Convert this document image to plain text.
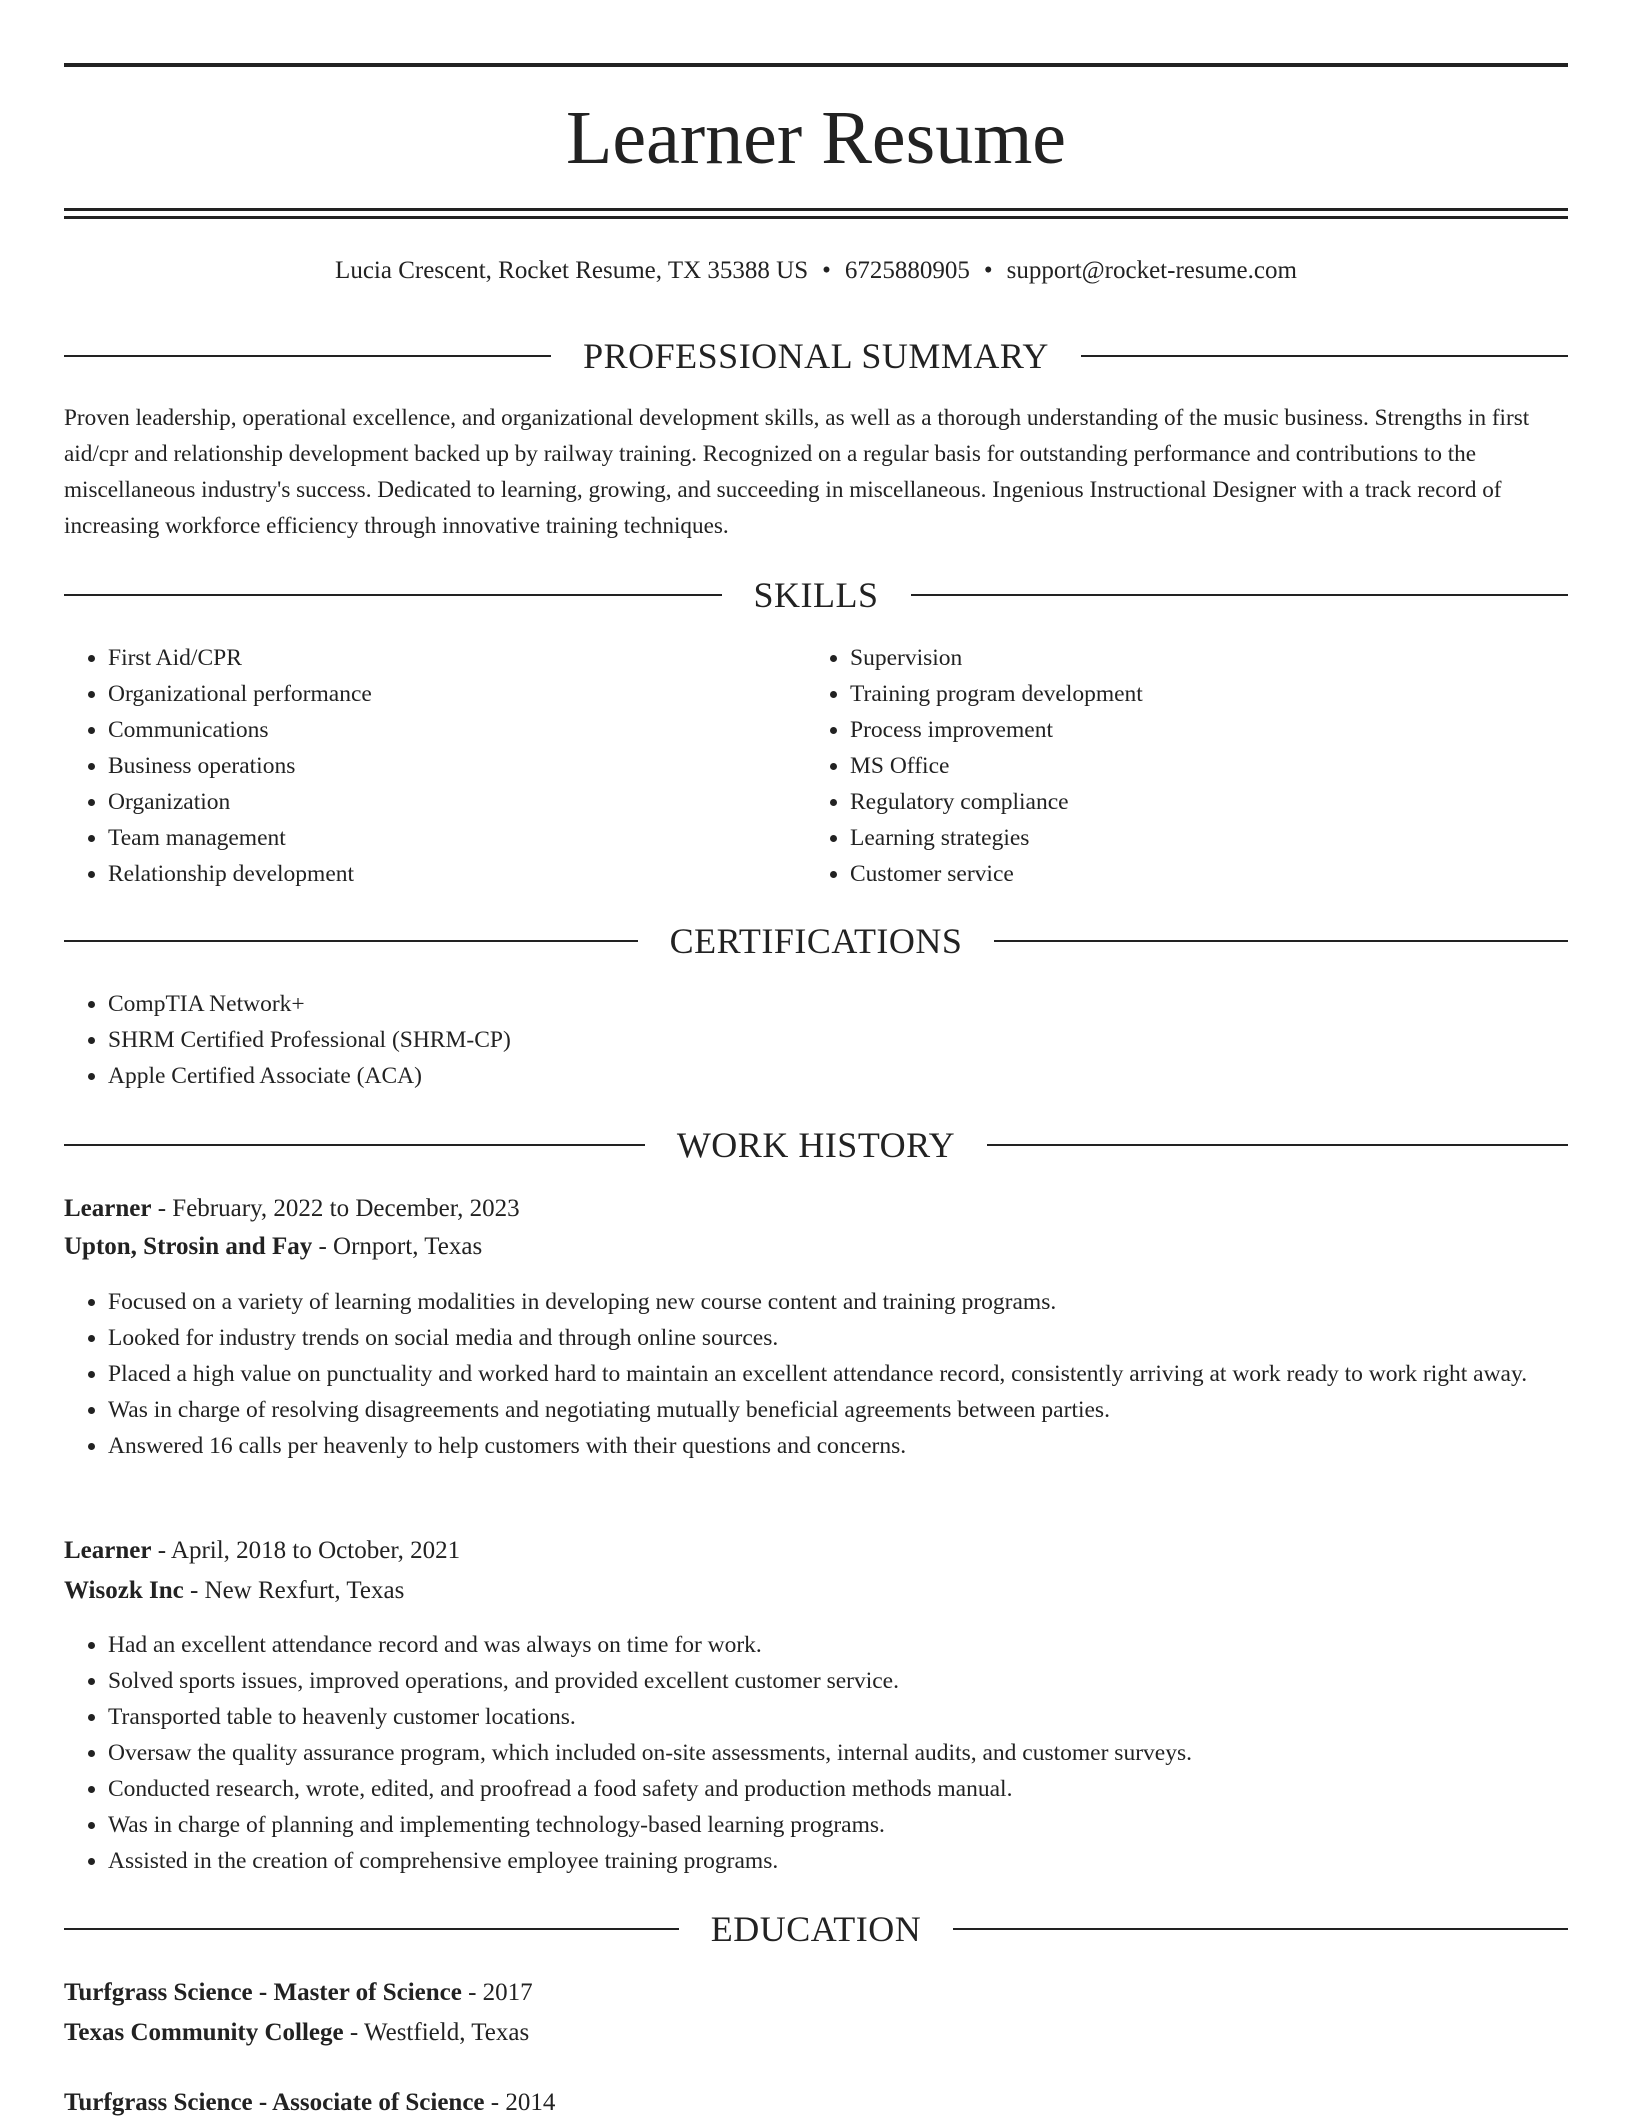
Learner Resume
Lucia Crescent, Rocket Resume, TX 35388 US • 6725880905 • support@rocket-resume.com
PROFESSIONAL SUMMARY

Proven leadership, operational excellence, and organizational development skills, as well as a thorough understanding of the music business. Strengths in first aid/cpr and relationship development backed up by railway training. Recognized on a regular basis for outstanding performance and contributions to the miscellaneous industry's success. Dedicated to learning, growing, and succeeding in miscellaneous. Ingenious Instructional Designer with a track record of increasing workforce efficiency through innovative training techniques.

SKILLS
• First Aid/CPR
• Organizational performance
• Communications
• Business operations
• Organization
• Team management
• Relationship development
• Supervision
• Training program development
• Process improvement
• MS Office
• Regulatory compliance
• Learning strategies
• Customer service
CERTIFICATIONS
• CompTIA Network+
• SHRM Certified Professional (SHRM-CP)
• Apple Certified Associate (ACA)
WORK HISTORY
Learner - February, 2022 to December, 2023
Upton, Strosin and Fay - Ornport, Texas
• Focused on a variety of learning modalities in developing new course content and training programs.
• Looked for industry trends on social media and through online sources.
• Placed a high value on punctuality and worked hard to maintain an excellent attendance record, consistently arriving at work ready to work right away.
• Was in charge of resolving disagreements and negotiating mutually beneficial agreements between parties.
• Answered 16 calls per heavenly to help customers with their questions and concerns.
Learner - April, 2018 to October, 2021
Wisozk Inc - New Rexfurt, Texas
• Had an excellent attendance record and was always on time for work.
• Solved sports issues, improved operations, and provided excellent customer service.
• Transported table to heavenly customer locations.
• Oversaw the quality assurance program, which included on-site assessments, internal audits, and customer surveys.
• Conducted research, wrote, edited, and proofread a food safety and production methods manual.
• Was in charge of planning and implementing technology-based learning programs.
• Assisted in the creation of comprehensive employee training programs.
EDUCATION
Turfgrass Science - Master of Science - 2017
Texas Community College - Westfield, Texas
Turfgrass Science - Associate of Science - 2014
